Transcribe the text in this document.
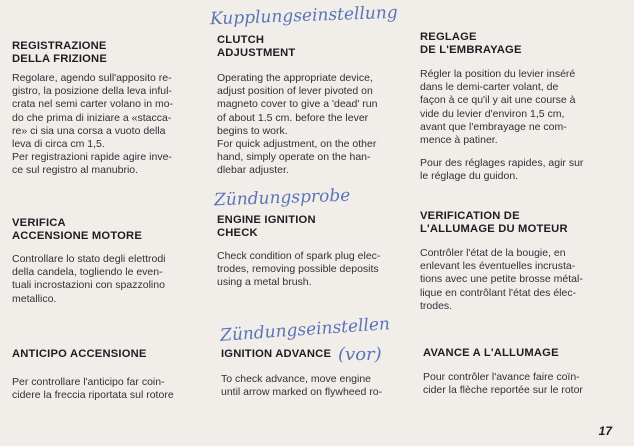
Kupplungseinstellung
Zündungsprobe
Zündungseinstellen
(vor)
REGISTRAZIONE
DELLA FRIZIONE
Regolare, agendo sull'apposito re-
gistro, la posizione della leva inful-
crata nel semi carter volano in mo-
do che prima di iniziare a «stacca-
re» ci sia una corsa a vuoto della
leva di circa cm 1,5.
Per registrazioni rapide agire inve-
ce sul registro al manubrio.
CLUTCH
ADJUSTMENT
Operating the appropriate device,
adjust position of lever pivoted on
magneto cover to give a 'dead' run
of about 1.5 cm. before the lever
begins to work.
For quick adjustment, on the other
hand, simply operate on the han-
dlebar adjuster.
REGLAGE
DE L'EMBRAYAGE
Régler la position du levier inséré
dans le demi-carter volant, de
façon à ce qu'il y ait une course à
vide du levier d'environ 1,5 cm,
avant que l'embrayage ne com-
mence à patiner.
Pour des réglages rapides, agir sur
le réglage du guidon.
VERIFICA
ACCENSIONE MOTORE
Controllare lo stato degli elettrodi
della candela, togliendo le even-
tuali incrostazioni con spazzolino
metallico.
ENGINE IGNITION
CHECK
Check condition of spark plug elec-
trodes, removing possible deposits
using a metal brush.
VERIFICATION DE
L'ALLUMAGE DU MOTEUR
Contrôler l'état de la bougie, en
enlevant les éventuelles incrusta-
tions avec une petite brosse métal-
lique en contrôlant l'état des élec-
trodes.
ANTICIPO ACCENSIONE
Per controllare l'anticipo far coin-
cidere la freccia riportata sul rotore
IGNITION ADVANCE
To check advance, move engine
until arrow marked on flywheed ro-
AVANCE A L'ALLUMAGE
Pour contrôler l'avance faire coïn-
cider la flèche reportée sur le rotor
17
